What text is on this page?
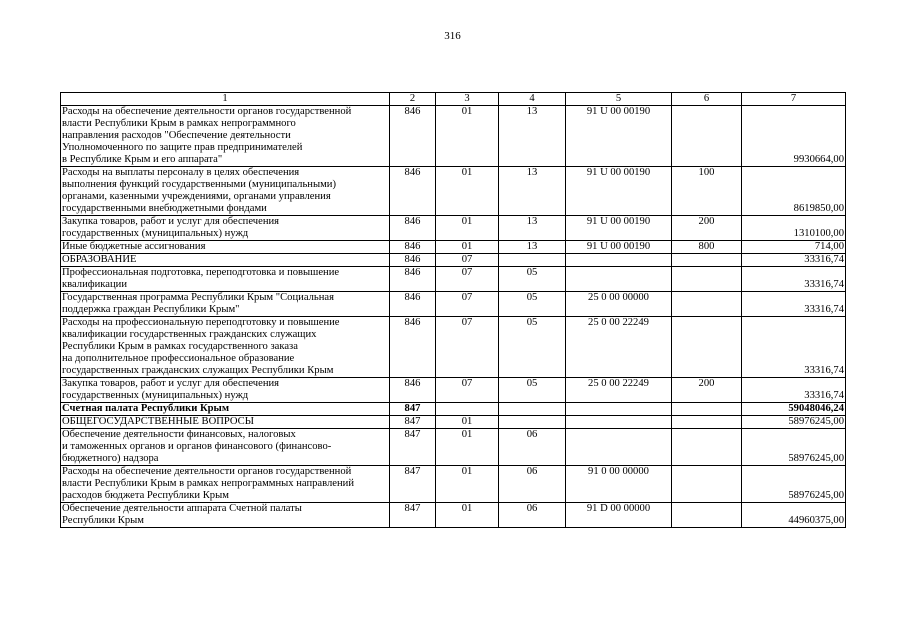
316
1	2	3	4	5	6	7

Расходы на обеспечение деятельности органов государственной
власти Республики Крым в рамках непрограммного
направления расходов "Обеспечение деятельности
Уполномоченного по защите прав предпринимателей
в Республике Крым и его аппарата"	846	01	13	91 U 00 00190		9930664,00

Расходы на выплаты персоналу в целях обеспечения
выполнения функций государственными (муниципальными)
органами, казенными учреждениями, органами управления
государственными внебюджетными фондами	846	01	13	91 U 00 00190	100	8619850,00

Закупка товаров, работ и услуг для обеспечения
государственных (муниципальных) нужд	846	01	13	91 U 00 00190	200	1310100,00

Иные бюджетные ассигнования	846	01	13	91 U 00 00190	800	714,00

ОБРАЗОВАНИЕ	846	07				33316,74

Профессиональная подготовка, переподготовка и повышение
квалификации	846	07	05			33316,74

Государственная программа Республики Крым "Социальная
поддержка граждан Республики Крым"	846	07	05	25 0 00 00000		33316,74

Расходы на профессиональную переподготовку и повышение
квалификации государственных гражданских служащих
Республики Крым в рамках государственного заказа
на дополнительное профессиональное образование
государственных гражданских служащих Республики Крым	846	07	05	25 0 00 22249		33316,74

Закупка товаров, работ и услуг для обеспечения
государственных (муниципальных) нужд	846	07	05	25 0 00 22249	200	33316,74

Счетная палата Республики Крым	847					59048046,24

ОБЩЕГОСУДАРСТВЕННЫЕ ВОПРОСЫ	847	01				58976245,00

Обеспечение деятельности финансовых, налоговых
и таможенных органов и органов финансового (финансово-
бюджетного) надзора	847	01	06			58976245,00

Расходы на обеспечение деятельности органов государственной
власти Республики Крым в рамках непрограммных направлений
расходов бюджета Республики Крым	847	01	06	91 0 00 00000		58976245,00

Обеспечение деятельности аппарата Счетной палаты
Республики Крым	847	01	06	91 D 00 00000		44960375,00
